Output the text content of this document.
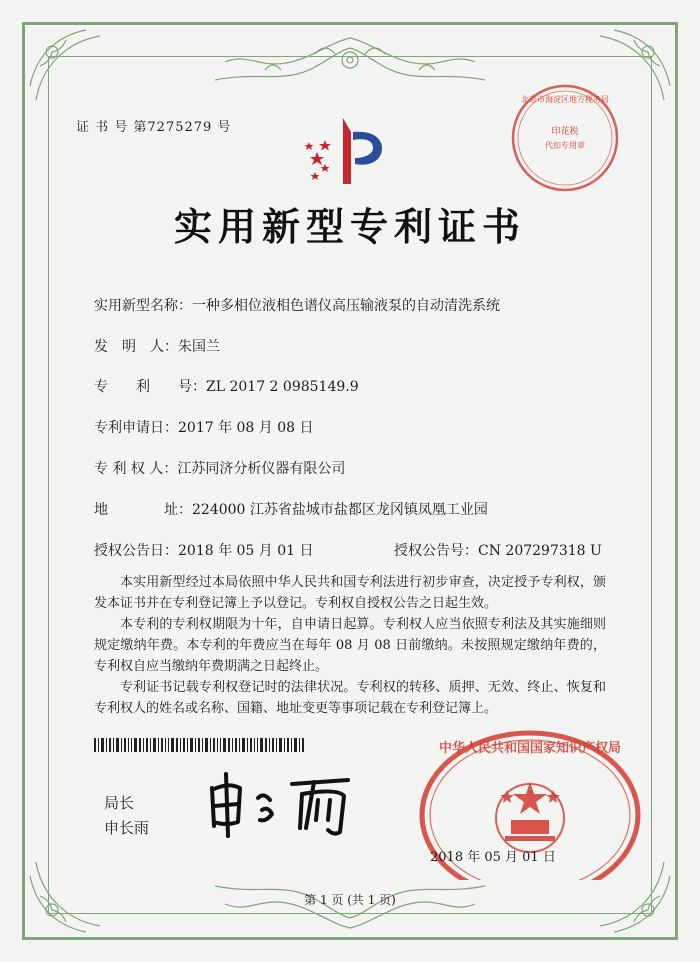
证 书 号 第7275279 号	印花税
代扣专用章
北京市海淀区地方税务局
实用新型专利证书
实用新型名称：一种多相位液相色谱仪高压输液泵的自动清洗系统
发　明　人：朱国兰
专　　利　　号：ZL 2017 2 0985149.9
专利申请日：2017 年 08 月 08 日
专 利 权 人：江苏同济分析仪器有限公司
地　　　　址：224000 江苏省盐城市盐都区龙冈镇凤凰工业园
授权公告日：2018 年 05 月 01 日	授权公告号：CN 207297318 U

本实用新型经过本局依照中华人民共和国专利法进行初步审查，决定授予专利权，颁发本证书并在专利登记簿上予以登记。专利权自授权公告之日起生效。

本专利的专利权期限为十年，自申请日起算。专利权人应当依照专利法及其实施细则规定缴纳年费。本专利的年费应当在每年 08 月 08 日前缴纳。未按照规定缴纳年费的，专利权自应当缴纳年费期满之日起终止。

专利证书记载专利权登记时的法律状况。专利权的转移、质押、无效、终止、恢复和专利权人的姓名或名称、国籍、地址变更等事项记载在专利登记簿上。

局长
申长雨
中华人民共和国国家知识产权局
2018 年 05 月 01 日
第 1 页 (共 1 页)
